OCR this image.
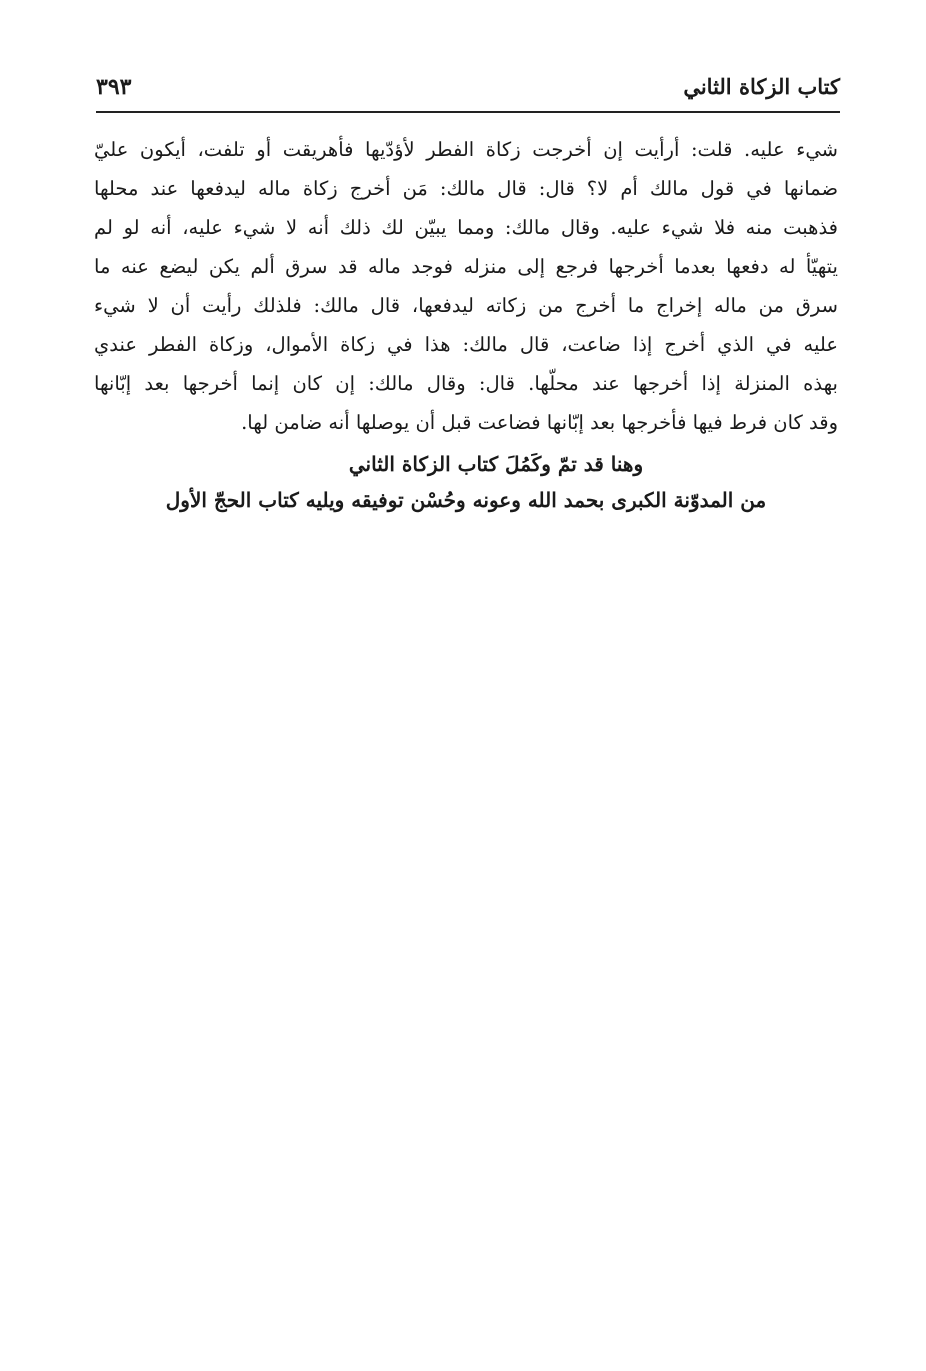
كتاب الزكاة الثاني
٣٩٣
شيء عليه. قلت: أرأيت إن أخرجت زكاة الفطر لأؤدّيها فأهريقت أو تلفت، أيكون عليّ
ضمانها في قول مالك أم لا؟ قال: قال مالك: مَن أخرج زكاة ماله ليدفعها عند محلها
فذهبت منه فلا شيء عليه. وقال مالك: ومما يبيّن لك ذلك أنه لا شيء عليه، أنه لو لم
يتهيّأ له دفعها بعدما أخرجها فرجع إلى منزله فوجد ماله قد سرق ألم يكن ليضع عنه ما
سرق من ماله إخراج ما أخرج من زكاته ليدفعها، قال مالك: فلذلك رأيت أن لا شيء
عليه في الذي أخرج إذا ضاعت، قال مالك: هذا في زكاة الأموال، وزكاة الفطر عندي
بهذه المنزلة إذا أخرجها عند محلّها. قال: وقال مالك: إن كان إنما أخرجها بعد إبّانها
وقد كان فرط فيها فأخرجها بعد إبّانها فضاعت قبل أن يوصلها أنه ضامن لها.
وهنا قد تمّ وكَمُلَ كتاب الزكاة الثاني
من المدوّنة الكبرى بحمد الله وعونه وحُسْن توفيقه ويليه كتاب الحجّ الأول
